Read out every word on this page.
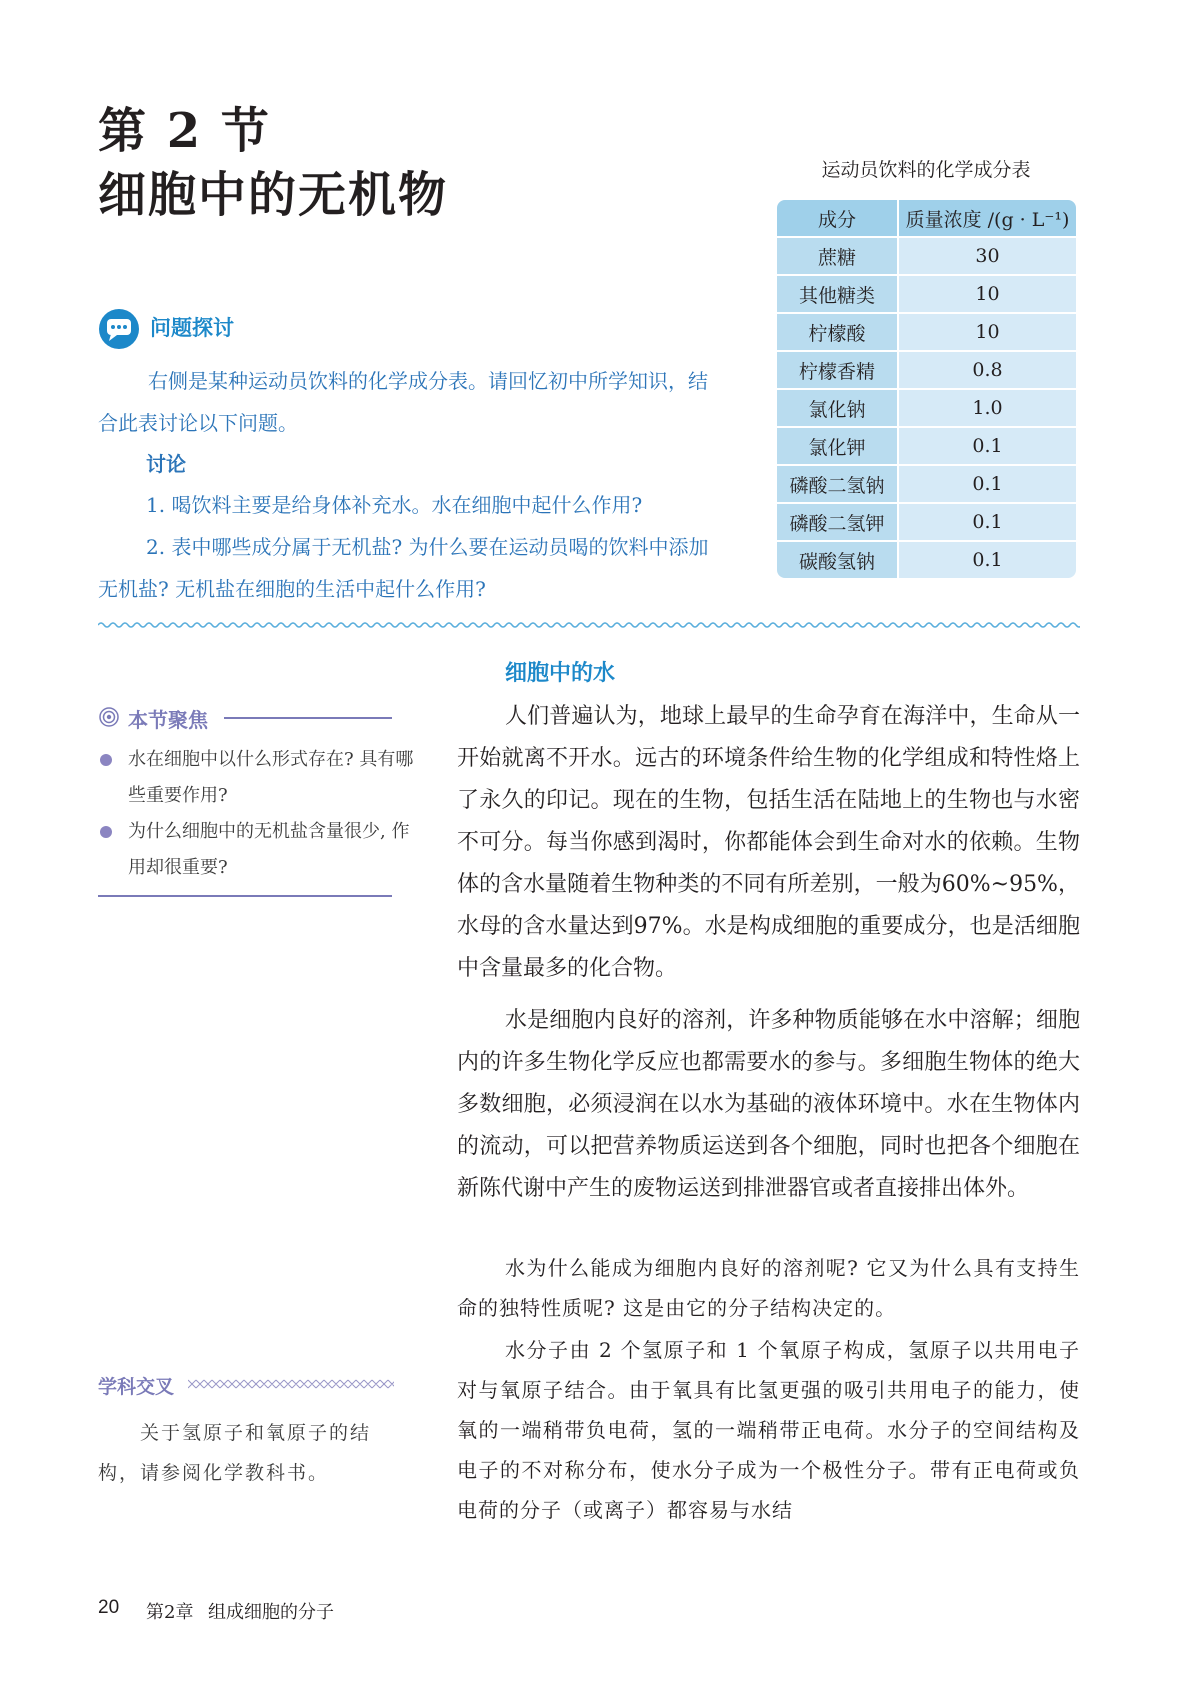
第 2 节
细胞中的无机物	运动员饮料的化学成分表
成分	质量浓度 /(g · L⁻¹)
蔗糖	30
其他糖类	10
柠檬酸	10
柠檬香精	0.8
氯化钠	1.0
氯化钾	0.1
磷酸二氢钠	0.1
磷酸二氢钾	0.1
碳酸氢钠	0.1
问题探讨
右侧是某种运动员饮料的化学成分表。请回忆初中所学知识，结合此表讨论以下问题。
讨论
1. 喝饮料主要是给身体补充水。水在细胞中起什么作用?
2. 表中哪些成分属于无机盐? 为什么要在运动员喝的饮料中添加无机盐? 无机盐在细胞的生活中起什么作用?
本节聚焦
水在细胞中以什么形式存在? 具有哪些重要作用?
为什么细胞中的无机盐含量很少, 作用却很重要?
学科交叉
关于氢原子和氧原子的结构，请参阅化学教科书。
细胞中的水

人们普遍认为，地球上最早的生命孕育在海洋中，生命从一开始就离不开水。远古的环境条件给生物的化学组成和特性烙上了永久的印记。现在的生物，包括生活在陆地上的生物也与水密不可分。每当你感到渴时，你都能体会到生命对水的依赖。生物体的含水量随着生物种类的不同有所差别，一般为60%~95%，水母的含水量达到97%。水是构成细胞的重要成分，也是活细胞中含量最多的化合物。

水是细胞内良好的溶剂，许多种物质能够在水中溶解；细胞内的许多生物化学反应也都需要水的参与。多细胞生物体的绝大多数细胞，必须浸润在以水为基础的液体环境中。水在生物体内的流动，可以把营养物质运送到各个细胞，同时也把各个细胞在新陈代谢中产生的废物运送到排泄器官或者直接排出体外。

水为什么能成为细胞内良好的溶剂呢? 它又为什么具有支持生命的独特性质呢? 这是由它的分子结构决定的。

水分子由 2 个氢原子和 1 个氧原子构成，氢原子以共用电子对与氧原子结合。由于氧具有比氢更强的吸引共用电子的能力，使氧的一端稍带负电荷，氢的一端稍带正电荷。水分子的空间结构及电子的不对称分布，使水分子成为一个极性分子。带有正电荷或负电荷的分子（或离子）都容易与水结

20 第2章 组成细胞的分子
